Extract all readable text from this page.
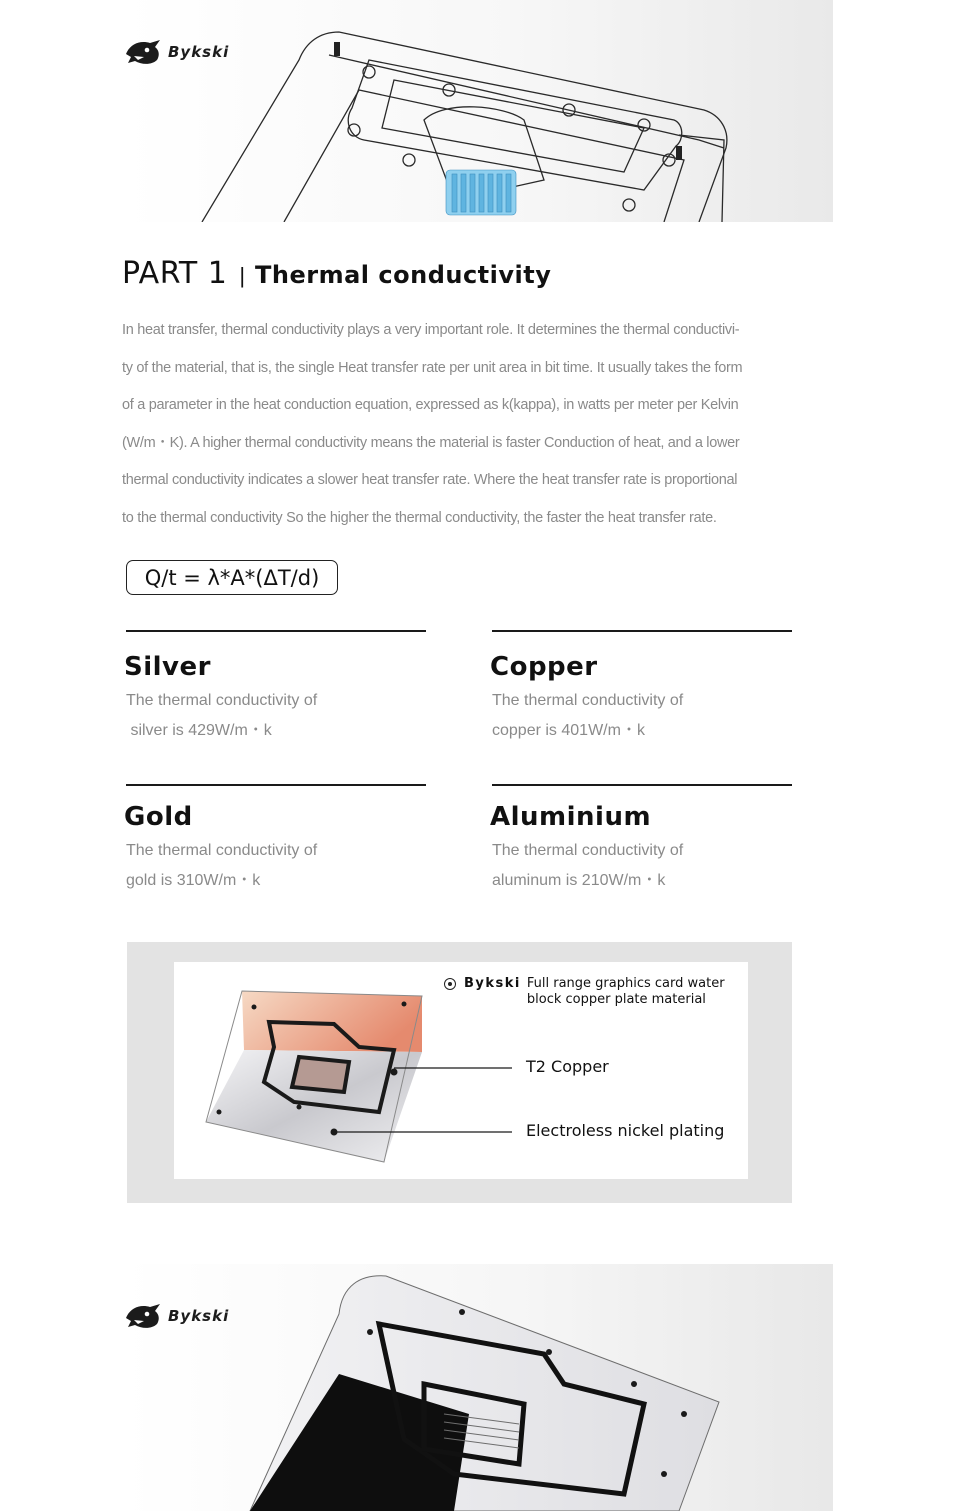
Bykski
PART 1 | Thermal conductivity

In heat transfer, thermal conductivity plays a very important role. It determines the thermal conductivi-
ty of the material, that is, the single Heat transfer rate per unit area in bit time. It usually takes the form
of a parameter in the heat conduction equation, expressed as k(kappa), in watts per meter per Kelvin
(W/m・K). A higher thermal conductivity means the material is faster Conduction of heat, and a lower
thermal conductivity indicates a slower heat transfer rate. Where the heat transfer rate is proportional
to the thermal conductivity So the higher the thermal conductivity, the faster the heat transfer rate.

Q/t = λ*A*(ΔT/d)
Silver
The thermal conductivity of
silver is 429W/m・k
Copper
The thermal conductivity of
copper is 401W/m・k
Gold
The thermal conductivity of
gold is 310W/m・k
Aluminium
The thermal conductivity of
aluminum is 210W/m・k
Bykski Full range graphics card water block copper plate material
T2 Copper
Electroless nickel plating
Bykski
